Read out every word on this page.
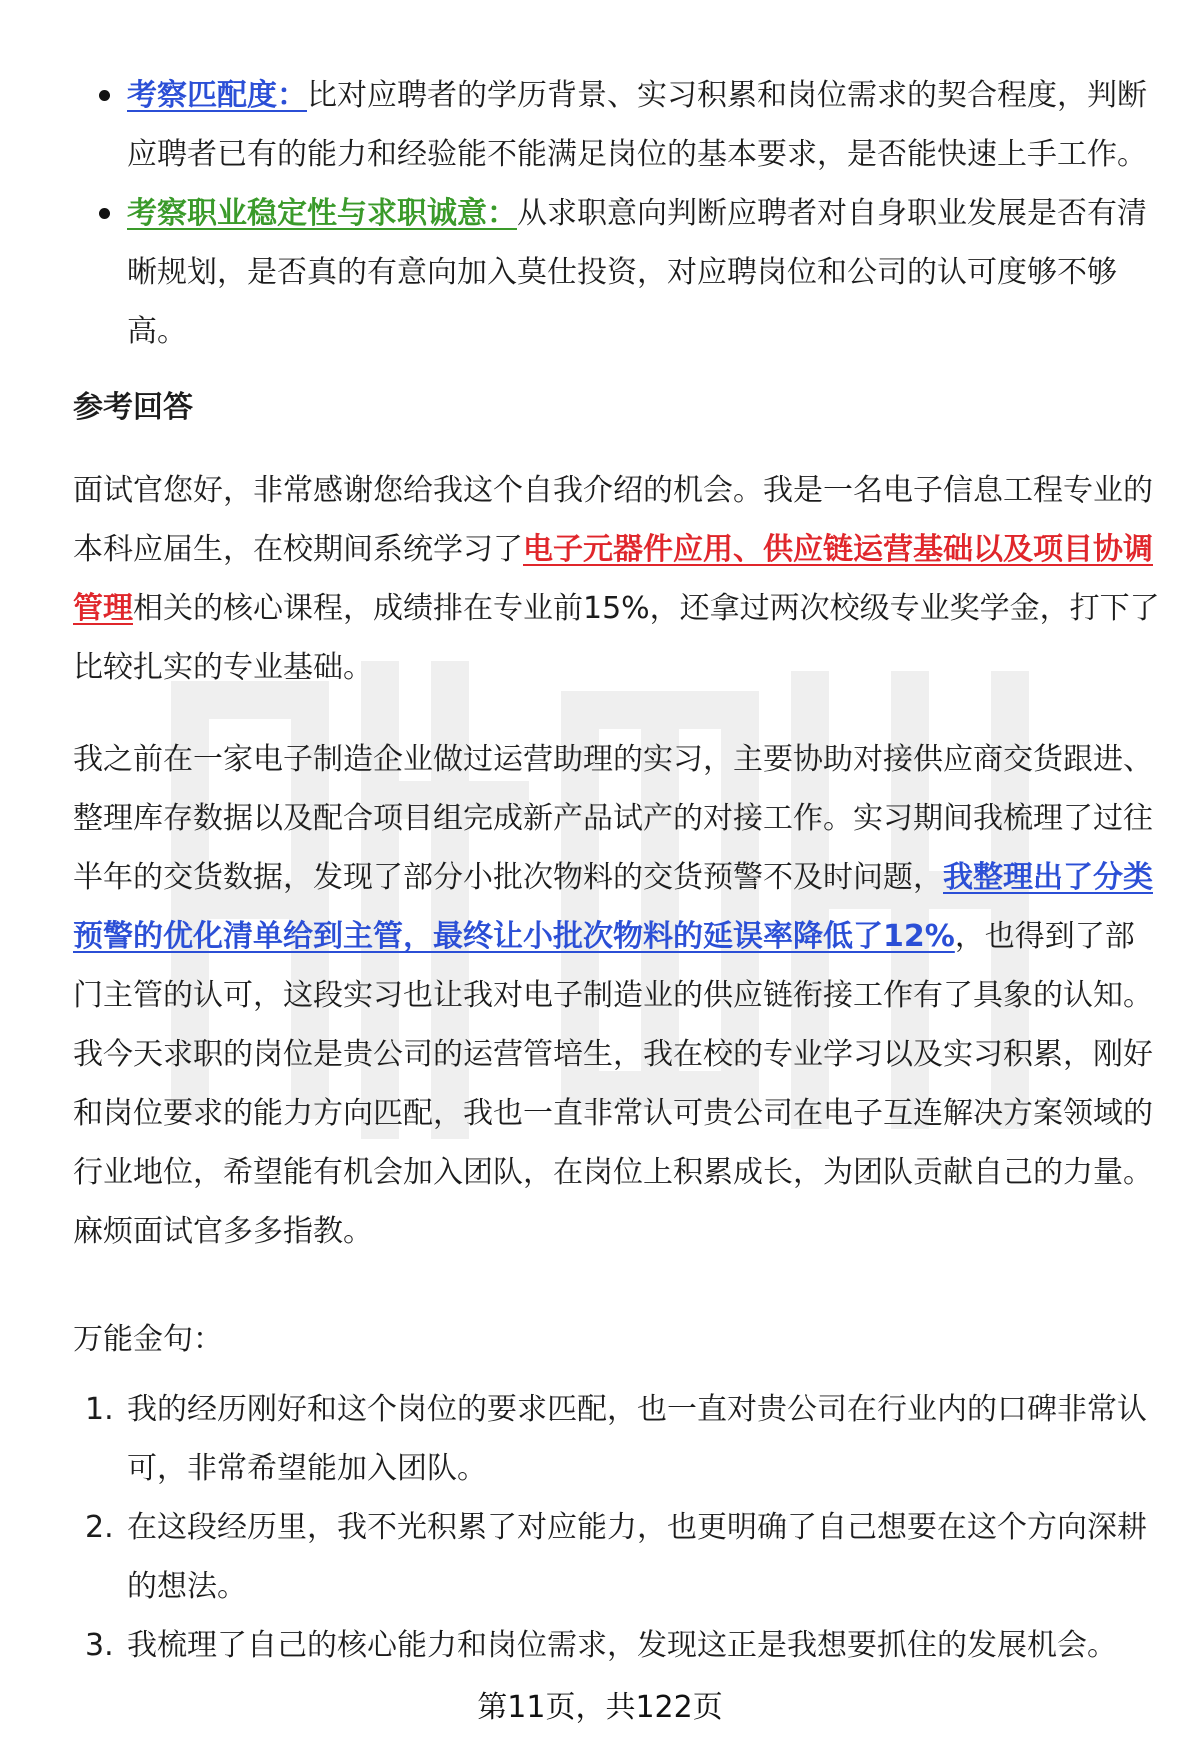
考察匹配度：比对应聘者的学历背景、实习积累和岗位需求的契合程度，判断应聘者已有的能力和经验能不能满足岗位的基本要求，是否能快速上手工作。
考察职业稳定性与求职诚意：从求职意向判断应聘者对自身职业发展是否有清晰规划，是否真的有意向加入莫仕投资，对应聘岗位和公司的认可度够不够高。
参考回答

面试官您好，非常感谢您给我这个自我介绍的机会。我是一名电子信息工程专业的本科应届生，在校期间系统学习了电子元器件应用、供应链运营基础以及项目协调管理相关的核心课程，成绩排在专业前15%，还拿过两次校级专业奖学金，打下了比较扎实的专业基础。

我之前在一家电子制造企业做过运营助理的实习，主要协助对接供应商交货跟进、整理库存数据以及配合项目组完成新产品试产的对接工作。实习期间我梳理了过往半年的交货数据，发现了部分小批次物料的交货预警不及时问题，我整理出了分类预警的优化清单给到主管，最终让小批次物料的延误率降低了12%，也得到了部门主管的认可，这段实习也让我对电子制造业的供应链衔接工作有了具象的认知。我今天求职的岗位是贵公司的运营管培生，我在校的专业学习以及实习积累，刚好和岗位要求的能力方向匹配，我也一直非常认可贵公司在电子互连解决方案领域的行业地位，希望能有机会加入团队，在岗位上积累成长，为团队贡献自己的力量。麻烦面试官多多指教。

万能金句：

1. 我的经历刚好和这个岗位的要求匹配，也一直对贵公司在行业内的口碑非常认可，非常希望能加入团队。
2. 在这段经历里，我不光积累了对应能力，也更明确了自己想要在这个方向深耕的想法。
3. 我梳理了自己的核心能力和岗位需求，发现这正是我想要抓住的发展机会。
第11页，共122页
